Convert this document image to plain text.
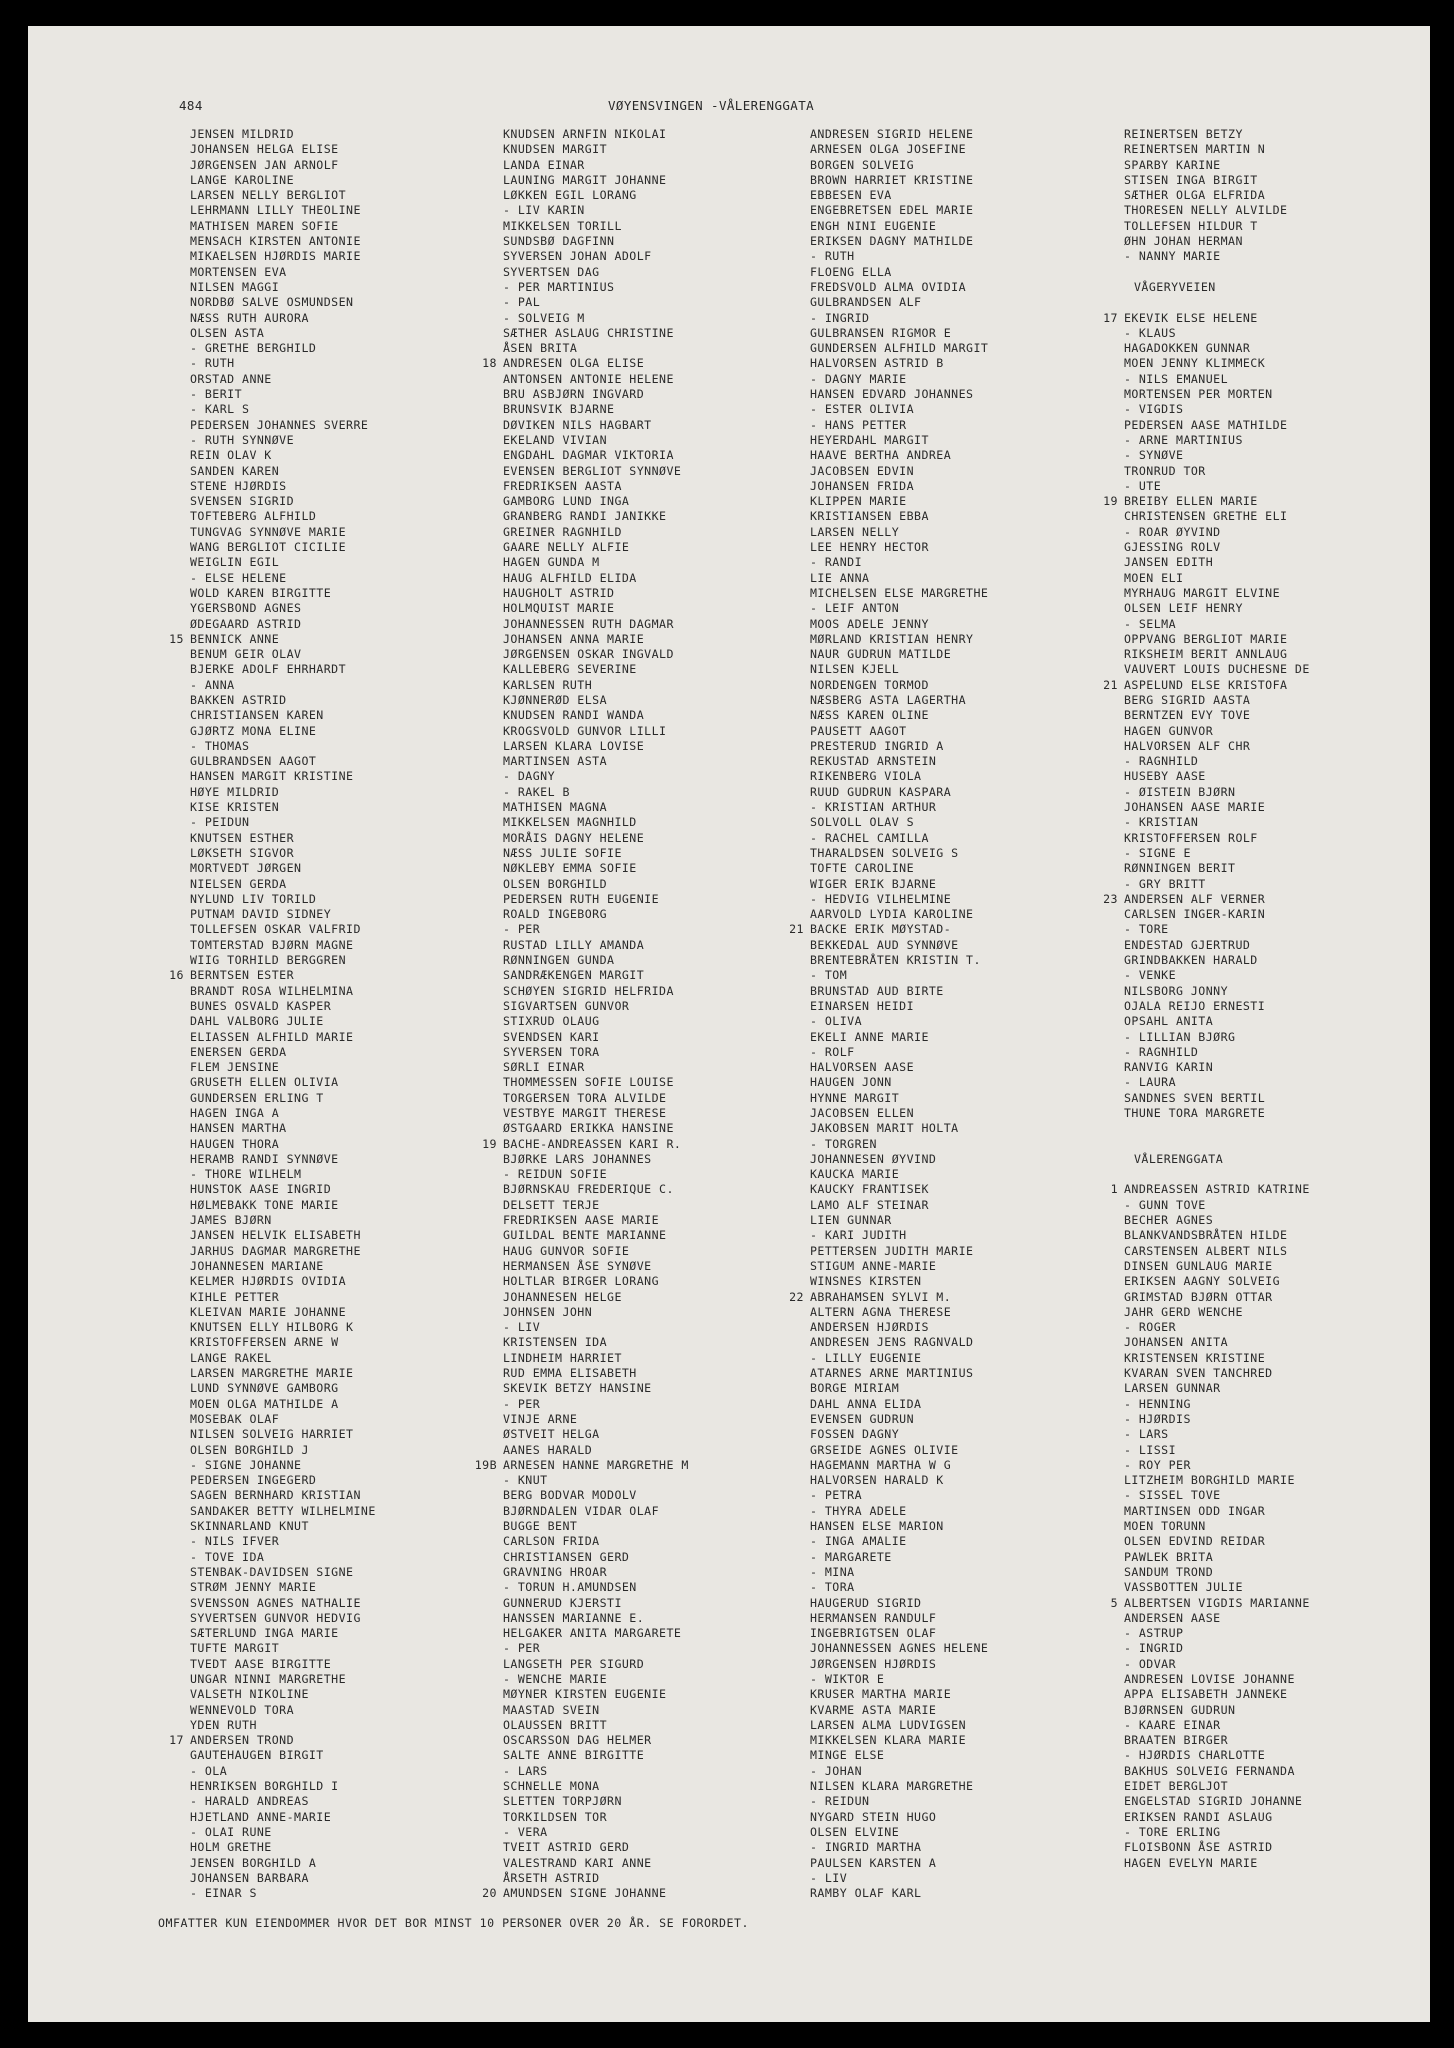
484	VØYENSVINGEN -VÅLERENGGATA
JENSEN MILDRID
JOHANSEN HELGA ELISE
JØRGENSEN JAN ARNOLF
LANGE KAROLINE
LARSEN NELLY BERGLIOT
LEHRMANN LILLY THEOLINE
MATHISEN MAREN SOFIE
MENSACH KIRSTEN ANTONIE
MIKAELSEN HJØRDIS MARIE
MORTENSEN EVA
NILSEN MAGGI
NORDBØ SALVE OSMUNDSEN
NÆSS RUTH AURORA
OLSEN ASTA
- GRETHE BERGHILD
- RUTH
ORSTAD ANNE
- BERIT
- KARL S
PEDERSEN JOHANNES SVERRE
- RUTH SYNNØVE
REIN OLAV K
SANDEN KAREN
STENE HJØRDIS
SVENSEN SIGRID
TOFTEBERG ALFHILD
TUNGVAG SYNNØVE MARIE
WANG BERGLIOT CICILIE
WEIGLIN EGIL
- ELSE HELENE
WOLD KAREN BIRGITTE
YGERSBOND AGNES
ØDEGAARD ASTRID
15 BENNICK ANNE
BENUM GEIR OLAV
BJERKE ADOLF EHRHARDT
- ANNA
BAKKEN ASTRID
CHRISTIANSEN KAREN
GJØRTZ MONA ELINE
- THOMAS
GULBRANDSEN AAGOT
HANSEN MARGIT KRISTINE
HØYE MILDRID
KISE KRISTEN
- PEIDUN
KNUTSEN ESTHER
LØKSETH SIGVOR
MORTVEDT JØRGEN
NIELSEN GERDA
NYLUND LIV TORILD
PUTNAM DAVID SIDNEY
TOLLEFSEN OSKAR VALFRID
TOMTERSTAD BJØRN MAGNE
WIIG TORHILD BERGGREN
16 BERNTSEN ESTER
BRANDT ROSA WILHELMINA
BUNES OSVALD KASPER
DAHL VALBORG JULIE
ELIASSEN ALFHILD MARIE
ENERSEN GERDA
FLEM JENSINE
GRUSETH ELLEN OLIVIA
GUNDERSEN ERLING T
HAGEN INGA A
HANSEN MARTHA
HAUGEN THORA
HERAMB RANDI SYNNØVE
- THORE WILHELM
HUNSTOK AASE INGRID
HØLMEBAKK TONE MARIE
JAMES BJØRN
JANSEN HELVIK ELISABETH
JARHUS DAGMAR MARGRETHE
JOHANNESEN MARIANE
KELMER HJØRDIS OVIDIA
KIHLE PETTER
KLEIVAN MARIE JOHANNE
KNUTSEN ELLY HILBORG K
KRISTOFFERSEN ARNE W
LANGE RAKEL
LARSEN MARGRETHE MARIE
LUND SYNNØVE GAMBORG
MOEN OLGA MATHILDE A
MOSEBAK OLAF
NILSEN SOLVEIG HARRIET
OLSEN BORGHILD J
- SIGNE JOHANNE
PEDERSEN INGEGERD
SAGEN BERNHARD KRISTIAN
SANDAKER BETTY WILHELMINE
SKINNARLAND KNUT
- NILS IFVER
- TOVE IDA
STENBAK-DAVIDSEN SIGNE
STRØM JENNY MARIE
SVENSSON AGNES NATHALIE
SYVERTSEN GUNVOR HEDVIG
SÆTERLUND INGA MARIE
TUFTE MARGIT
TVEDT AASE BIRGITTE
UNGAR NINNI MARGRETHE
VALSETH NIKOLINE
WENNEVOLD TORA
YDEN RUTH
17 ANDERSEN TROND
GAUTEHAUGEN BIRGIT
- OLA
HENRIKSEN BORGHILD I
- HARALD ANDREAS
HJETLAND ANNE-MARIE
- OLAI RUNE
HOLM GRETHE
JENSEN BORGHILD A
JOHANSEN BARBARA
- EINAR S
KNUDSEN ARNFIN NIKOLAI
KNUDSEN MARGIT
LANDA EINAR
LAUNING MARGIT JOHANNE
LØKKEN EGIL LORANG
- LIV KARIN
MIKKELSEN TORILL
SUNDSBØ DAGFINN
SYVERSEN JOHAN ADOLF
SYVERTSEN DAG
- PER MARTINIUS
- PAL
- SOLVEIG M
SÆTHER ASLAUG CHRISTINE
ÅSEN BRITA
18 ANDRESEN OLGA ELISE
ANTONSEN ANTONIE HELENE
BRU ASBJØRN INGVARD
BRUNSVIK BJARNE
DØVIKEN NILS HAGBART
EKELAND VIVIAN
ENGDAHL DAGMAR VIKTORIA
EVENSEN BERGLIOT SYNNØVE
FREDRIKSEN AASTA
GAMBORG LUND INGA
GRANBERG RANDI JANIKKE
GREINER RAGNHILD
GAARE NELLY ALFIE
HAGEN GUNDA M
HAUG ALFHILD ELIDA
HAUGHOLT ASTRID
HOLMQUIST MARIE
JOHANNESSEN RUTH DAGMAR
JOHANSEN ANNA MARIE
JØRGENSEN OSKAR INGVALD
KALLEBERG SEVERINE
KARLSEN RUTH
KJØNNERØD ELSA
KNUDSEN RANDI WANDA
KROGSVOLD GUNVOR LILLI
LARSEN KLARA LOVISE
MARTINSEN ASTA
- DAGNY
- RAKEL B
MATHISEN MAGNA
MIKKELSEN MAGNHILD
MORÅIS DAGNY HELENE
NÆSS JULIE SOFIE
NØKLEBY EMMA SOFIE
OLSEN BORGHILD
PEDERSEN RUTH EUGENIE
ROALD INGEBORG
- PER
RUSTAD LILLY AMANDA
RØNNINGEN GUNDA
SANDRÆKENGEN MARGIT
SCHØYEN SIGRID HELFRIDA
SIGVARTSEN GUNVOR
STIXRUD OLAUG
SVENDSEN KARI
SYVERSEN TORA
SØRLI EINAR
THOMMESSEN SOFIE LOUISE
TORGERSEN TORA ALVILDE
VESTBYE MARGIT THERESE
ØSTGAARD ERIKKA HANSINE
19 BACHE-ANDREASSEN KARI R.
BJØRKE LARS JOHANNES
- REIDUN SOFIE
BJØRNSKAU FREDERIQUE C.
DELSETT TERJE
FREDRIKSEN AASE MARIE
GUILDAL BENTE MARIANNE
HAUG GUNVOR SOFIE
HERMANSEN ÅSE SYNØVE
HOLTLAR BIRGER LORANG
JOHANNESEN HELGE
JOHNSEN JOHN
- LIV
KRISTENSEN IDA
LINDHEIM HARRIET
RUD EMMA ELISABETH
SKEVIK BETZY HANSINE
- PER
VINJE ARNE
ØSTVEIT HELGA
AANES HARALD
19B ARNESEN HANNE MARGRETHE M
- KNUT
BERG BODVAR MODOLV
BJØRNDALEN VIDAR OLAF
BUGGE BENT
CARLSON FRIDA
CHRISTIANSEN GERD
GRAVNING HROAR
- TORUN H.AMUNDSEN
GUNNERUD KJERSTI
HANSSEN MARIANNE E.
HELGAKER ANITA MARGARETE
- PER
LANGSETH PER SIGURD
- WENCHE MARIE
MØYNER KIRSTEN EUGENIE
MAASTAD SVEIN
OLAUSSEN BRITT
OSCARSSON DAG HELMER
SALTE ANNE BIRGITTE
- LARS
SCHNELLE MONA
SLETTEN TORPJØRN
TORKILDSEN TOR
- VERA
TVEIT ASTRID GERD
VALESTRAND KARI ANNE
ÅRSETH ASTRID
20 AMUNDSEN SIGNE JOHANNE
ANDRESEN SIGRID HELENE
ARNESEN OLGA JOSEFINE
BORGEN SOLVEIG
BROWN HARRIET KRISTINE
EBBESEN EVA
ENGEBRETSEN EDEL MARIE
ENGH NINI EUGENIE
ERIKSEN DAGNY MATHILDE
- RUTH
FLOENG ELLA
FREDSVOLD ALMA OVIDIA
GULBRANDSEN ALF
- INGRID
GULBRANSEN RIGMOR E
GUNDERSEN ALFHILD MARGIT
HALVORSEN ASTRID B
- DAGNY MARIE
HANSEN EDVARD JOHANNES
- ESTER OLIVIA
- HANS PETTER
HEYERDAHL MARGIT
HAAVE BERTHA ANDREA
JACOBSEN EDVIN
JOHANSEN FRIDA
KLIPPEN MARIE
KRISTIANSEN EBBA
LARSEN NELLY
LEE HENRY HECTOR
- RANDI
LIE ANNA
MICHELSEN ELSE MARGRETHE
- LEIF ANTON
MOOS ADELE JENNY
MØRLAND KRISTIAN HENRY
NAUR GUDRUN MATILDE
NILSEN KJELL
NORDENGEN TORMOD
NÆSBERG ASTA LAGERTHA
NÆSS KAREN OLINE
PAUSETT AAGOT
PRESTERUD INGRID A
REKUSTAD ARNSTEIN
RIKENBERG VIOLA
RUUD GUDRUN KASPARA
- KRISTIAN ARTHUR
SOLVOLL OLAV S
- RACHEL CAMILLA
THARALDSEN SOLVEIG S
TOFTE CAROLINE
WIGER ERIK BJARNE
- HEDVIG VILHELMINE
AARVOLD LYDIA KAROLINE
21 BACKE ERIK MØYSTAD-
BEKKEDAL AUD SYNNØVE
BRENTEBRÅTEN KRISTIN T.
- TOM
BRUNSTAD AUD BIRTE
EINARSEN HEIDI
- OLIVA
EKELI ANNE MARIE
- ROLF
HALVORSEN AASE
HAUGEN JONN
HYNNE MARGIT
JACOBSEN ELLEN
JAKOBSEN MARIT HOLTA
- TORGREN
JOHANNESEN ØYVIND
KAUCKA MARIE
KAUCKY FRANTISEK
LAMO ALF STEINAR
LIEN GUNNAR
- KARI JUDITH
PETTERSEN JUDITH MARIE
STIGUM ANNE-MARIE
WINSNES KIRSTEN
22 ABRAHAMSEN SYLVI M.
ALTERN AGNA THERESE
ANDERSEN HJØRDIS
ANDRESEN JENS RAGNVALD
- LILLY EUGENIE
ATARNES ARNE MARTINIUS
BORGE MIRIAM
DAHL ANNA ELIDA
EVENSEN GUDRUN
FOSSEN DAGNY
GRSEIDE AGNES OLIVIE
HAGEMANN MARTHA W G
HALVORSEN HARALD K
- PETRA
- THYRA ADELE
HANSEN ELSE MARION
- INGA AMALIE
- MARGARETE
- MINA
- TORA
HAUGERUD SIGRID
HERMANSEN RANDULF
INGEBRIGTSEN OLAF
JOHANNESSEN AGNES HELENE
JØRGENSEN HJØRDIS
- WIKTOR E
KRUSER MARTHA MARIE
KVARME ASTA MARIE
LARSEN ALMA LUDVIGSEN
MIKKELSEN KLARA MARIE
MINGE ELSE
- JOHAN
NILSEN KLARA MARGRETHE
- REIDUN
NYGARD STEIN HUGO
OLSEN ELVINE
- INGRID MARTHA
PAULSEN KARSTEN A
- LIV
RAMBY OLAF KARL
REINERTSEN BETZY
REINERTSEN MARTIN N
SPARBY KARINE
STISEN INGA BIRGIT
SÆTHER OLGA ELFRIDA
THORESEN NELLY ALVILDE
TOLLEFSEN HILDUR T
ØHN JOHAN HERMAN
- NANNY MARIE
VÅGERYVEIEN
17 EKEVIK ELSE HELENE
- KLAUS
HAGADOKKEN GUNNAR
MOEN JENNY KLIMMECK
- NILS EMANUEL
MORTENSEN PER MORTEN
- VIGDIS
PEDERSEN AASE MATHILDE
- ARNE MARTINIUS
- SYNØVE
TRONRUD TOR
- UTE
19 BREIBY ELLEN MARIE
CHRISTENSEN GRETHE ELI
- ROAR ØYVIND
GJESSING ROLV
JANSEN EDITH
MOEN ELI
MYRHAUG MARGIT ELVINE
OLSEN LEIF HENRY
- SELMA
OPPVANG BERGLIOT MARIE
RIKSHEIM BERIT ANNLAUG
VAUVERT LOUIS DUCHESNE DE
21 ASPELUND ELSE KRISTOFA
BERG SIGRID AASTA
BERNTZEN EVY TOVE
HAGEN GUNVOR
HALVORSEN ALF CHR
- RAGNHILD
HUSEBY AASE
- ØISTEIN BJØRN
JOHANSEN AASE MARIE
- KRISTIAN
KRISTOFFERSEN ROLF
- SIGNE E
RØNNINGEN BERIT
- GRY BRITT
23 ANDERSEN ALF VERNER
CARLSEN INGER-KARIN
- TORE
ENDESTAD GJERTRUD
GRINDBAKKEN HARALD
- VENKE
NILSBORG JONNY
OJALA REIJO ERNESTI
OPSAHL ANITA
- LILLIAN BJØRG
- RAGNHILD
RANVIG KARIN
- LAURA
SANDNES SVEN BERTIL
THUNE TORA MARGRETE
VÅLERENGGATA
1 ANDREASSEN ASTRID KATRINE
- GUNN TOVE
BECHER AGNES
BLANKVANDSBRÅTEN HILDE
CARSTENSEN ALBERT NILS
DINSEN GUNLAUG MARIE
ERIKSEN AAGNY SOLVEIG
GRIMSTAD BJØRN OTTAR
JAHR GERD WENCHE
- ROGER
JOHANSEN ANITA
KRISTENSEN KRISTINE
KVARAN SVEN TANCHRED
LARSEN GUNNAR
- HENNING
- HJØRDIS
- LARS
- LISSI
- ROY PER
LITZHEIM BORGHILD MARIE
- SISSEL TOVE
MARTINSEN ODD INGAR
MOEN TORUNN
OLSEN EDVIND REIDAR
PAWLEK BRITA
SANDUM TROND
VASSBOTTEN JULIE
5 ALBERTSEN VIGDIS MARIANNE
ANDERSEN AASE
- ASTRUP
- INGRID
- ODVAR
ANDRESEN LOVISE JOHANNE
APPA ELISABETH JANNEKE
BJØRNSEN GUDRUN
- KAARE EINAR
BRAATEN BIRGER
- HJØRDIS CHARLOTTE
BAKHUS SOLVEIG FERNANDA
EIDET BERGLJOT
ENGELSTAD SIGRID JOHANNE
ERIKSEN RANDI ASLAUG
- TORE ERLING
FLOISBONN ÅSE ASTRID
HAGEN EVELYN MARIE
OMFATTER KUN EIENDOMMER HVOR DET BOR MINST 10 PERSONER OVER 20 ÅR. SE FORORDET.
